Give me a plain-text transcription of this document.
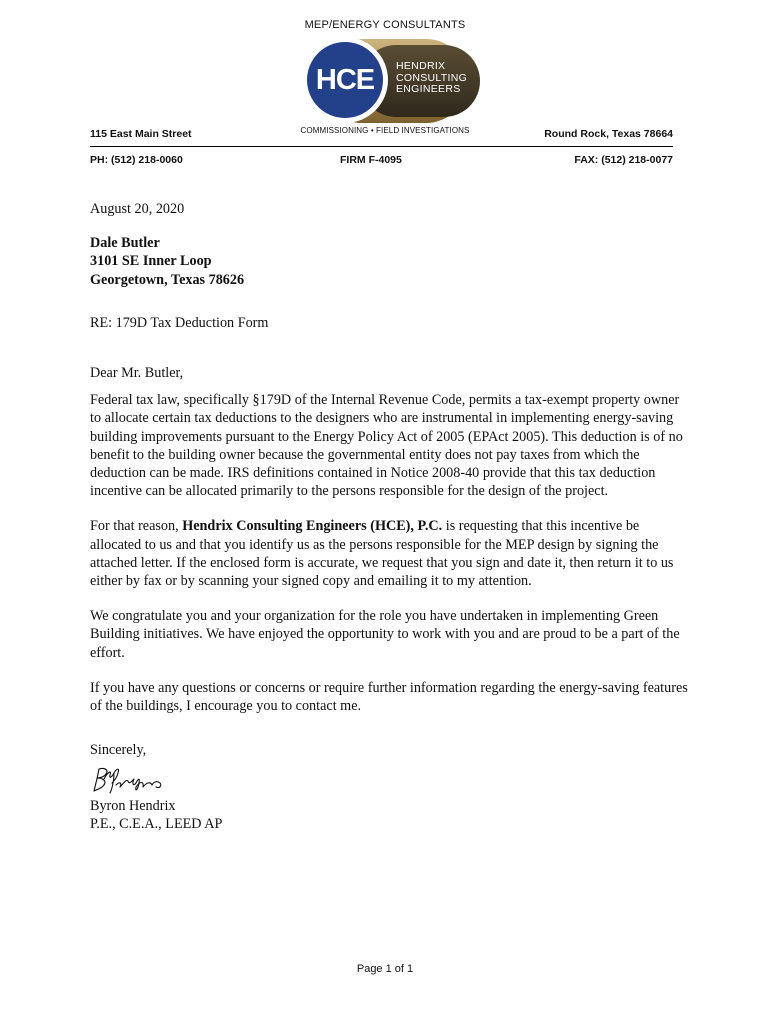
MEP/ENERGY CONSULTANTS
HCE	HENDRIX
CONSULTING
ENGINEERS
115 East Main Street	COMMISSIONING • FIELD INVESTIGATIONS	Round Rock, Texas 78664
PH: (512) 218-0060	FIRM F-4095	FAX: (512) 218-0077
August 20, 2020
Dale Butler
3101 SE Inner Loop
Georgetown, Texas 78626
RE: 179D Tax Deduction Form
Dear Mr. Butler,
Federal tax law, specifically §179D of the Internal Revenue Code, permits a tax-exempt property owner to allocate certain tax deductions to the designers who are instrumental in implementing energy-saving building improvements pursuant to the Energy Policy Act of 2005 (EPAct 2005). This deduction is of no benefit to the building owner because the governmental entity does not pay taxes from which the deduction can be made. IRS definitions contained in Notice 2008-40 provide that this tax deduction incentive can be allocated primarily to the persons responsible for the design of the project.
For that reason, Hendrix Consulting Engineers (HCE), P.C. is requesting that this incentive be allocated to us and that you identify us as the persons responsible for the MEP design by signing the attached letter. If the enclosed form is accurate, we request that you sign and date it, then return it to us either by fax or by scanning your signed copy and emailing it to my attention.
We congratulate you and your organization for the role you have undertaken in implementing Green Building initiatives. We have enjoyed the opportunity to work with you and are proud to be a part of the effort.
If you have any questions or concerns or require further information regarding the energy-saving features of the buildings, I encourage you to contact me.
Sincerely,
Byron Hendrix
P.E., C.E.A., LEED AP
Page 1 of 1
